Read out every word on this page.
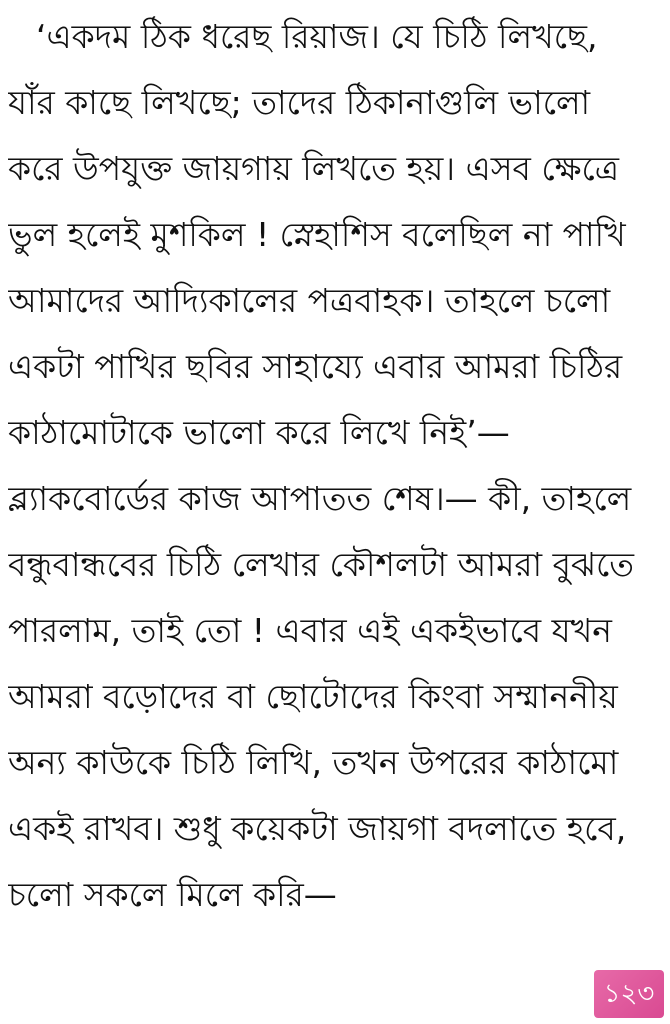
‘একদম ঠিক ধরেছ রিয়াজ। যে চিঠি লিখছে,
যাঁর কাছে লিখছে; তাদের ঠিকানাগুলি ভালো
করে উপযুক্ত জায়গায় লিখতে হয়। এসব ক্ষেত্রে
ভুল হলেই মুশকিল ! স্নেহাশিস বলেছিল না পাখি
আমাদের আদ্যিকালের পত্রবাহক। তাহলে চলো
একটা পাখির ছবির সাহায্যে এবার আমরা চিঠির
কাঠামোটাকে ভালো করে লিখে নিই’—
ব্ল্যাকবোর্ডের কাজ আপাতত শেষ।— কী, তাহলে
বন্ধুবান্ধবের চিঠি লেখার কৌশলটা আমরা বুঝতে
পারলাম, তাই তো ! এবার এই একইভাবে যখন
আমরা বড়োদের বা ছোটোদের কিংবা সম্মাননীয়
অন্য কাউকে চিঠি লিখি, তখন উপরের কাঠামো
একই রাখব। শুধু কয়েকটা জায়গা বদলাতে হবে,
চলো সকলে মিলে করি—
১২৩
